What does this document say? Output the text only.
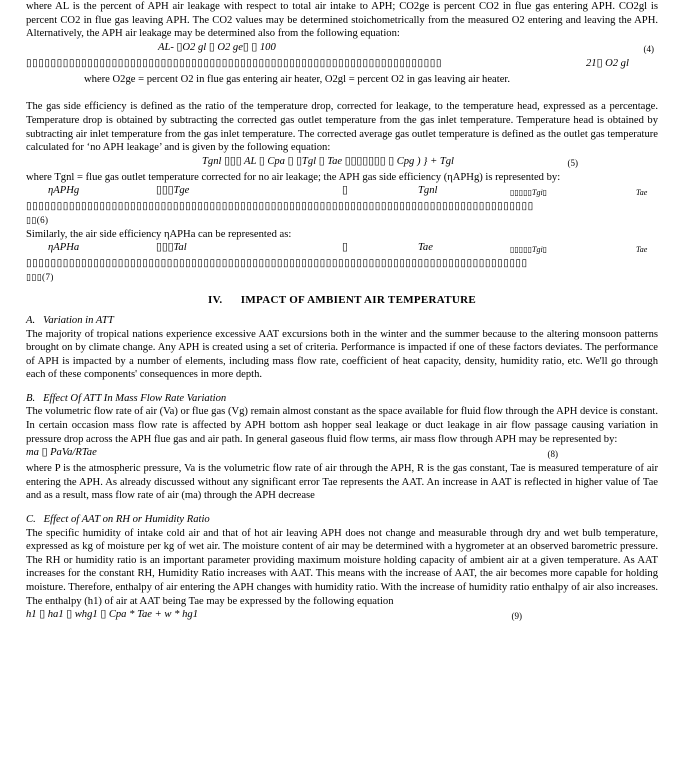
where AL is the percent of APH air leakage with respect to total air intake to APH; CO2ge is percent CO2 in flue gas entering APH. CO2gl is percent CO2 in flue gas leaving APH. The CO2 values may be determined stoichometrically from the measured O2 entering and leaving the APH. Alternatively, the APH air leakage may be determined also from the following equation:

AL- ▯O2 gl ▯ O2 ge▯ ▯ 100	(4)
▯▯▯▯▯▯▯▯▯▯▯▯▯▯▯▯▯▯▯▯▯▯▯▯▯▯▯▯▯▯▯▯▯▯▯▯▯▯▯▯▯▯▯▯▯▯▯▯▯▯▯▯▯▯▯▯▯▯▯▯▯▯▯▯▯▯▯▯	21▯ O2 gl

where O2ge = percent O2 in flue gas entering air heater, O2gl = percent O2 in gas leaving air heater.

The gas side efficiency is defined as the ratio of the temperature drop, corrected for leakage, to the temperature head, expressed as a percentage. Temperature drop is obtained by subtracting the corrected gas outlet temperature from the gas inlet temperature. Temperature head is obtained by subtracting air inlet temperature from the gas inlet temperature. The corrected average gas outlet temperature is defined as the outlet gas temperature calculated for ‘no APH leakage’ and is given by the following equation:

Tgnl ▯▯▯ AL ▯ Cpa ▯ ▯Tgl ▯ Tae ▯▯▯▯▯▯▯ ▯ Cpg ) } + Tgl	(5)

where Tgnl = flue gas outlet temperature corrected for no air leakage; the APH gas side efficiency (ηAPHg) is represented by:

ηAPHg	▯▯▯Tge	▯	Tgnl	▯▯▯▯▯Tgi▯	Tae
▯▯▯▯▯▯▯▯▯▯▯▯▯▯▯▯▯▯▯▯▯▯▯▯▯▯▯▯▯▯▯▯▯▯▯▯▯▯▯▯▯▯▯▯▯▯▯▯▯▯▯▯▯▯▯▯▯▯▯▯▯▯▯▯▯▯▯▯▯▯▯▯▯▯▯▯▯▯▯▯▯▯▯
▯▯(6)

Similarly, the air side efficiency ηAPHa can be represented as:

ηAPHa	▯▯▯Tal	▯	Tae	▯▯▯▯▯Tgi▯	Tae
▯▯▯▯▯▯▯▯▯▯▯▯▯▯▯▯▯▯▯▯▯▯▯▯▯▯▯▯▯▯▯▯▯▯▯▯▯▯▯▯▯▯▯▯▯▯▯▯▯▯▯▯▯▯▯▯▯▯▯▯▯▯▯▯▯▯▯▯▯▯▯▯▯▯▯▯▯▯▯▯▯▯
▯▯▯(7)
IV.      IMPACT OF AMBIENT AIR TEMPERATURE

A.   Variation in ATT

The majority of tropical nations experience excessive AAT excursions both in the winter and the summer because to the altering monsoon patterns brought on by climate change. Any APH is created using a set of criteria. Performance is impacted if one of these factors deviates. The performance of APH is impacted by a number of elements, including mass flow rate, coefficient of heat capacity, density, humidity ratio, etc. We'll go through each of these components' consequences in more depth.

B.   Effect Of ATT In Mass Flow Rate Variation

The volumetric flow rate of air (Va) or flue gas (Vg) remain almost constant as the space available for fluid flow through the APH device is constant. In certain occasion mass flow rate is affected by APH bottom ash hopper seal leakage or duct leakage in air flow passage causing variation in pressure drop across the APH flue gas and air path. In general gaseous fluid flow terms, air mass flow through APH may be represented by:

ma ▯ PaVa/RTae	(8)

where P is the atmospheric pressure, Va is the volumetric flow rate of air through the APH, R is the gas constant, Tae is measured temperature of air entering the APH. As already discussed without any significant error Tae represents the AAT. An increase in AAT is reflected in higher value of Tae and as a result, mass flow rate of air (ma) through the APH decrease

C.   Effect of AAT on RH or Humidity Ratio

The specific humidity of intake cold air and that of hot air leaving APH does not change and measurable through dry and wet bulb temperature, expressed as kg of moisture per kg of wet air. The moisture content of air may be determined with a hygrometer at an observed barometric pressure. The RH or humidity ratio is an important parameter providing maximum moisture holding capacity of ambient air at a given temperature. As AAT increases for the constant RH, Humidity Ratio increases with AAT. This means with the increase of AAT, the air becomes more capable for holding moisture. Therefore, enthalpy of air entering the APH changes with humidity ratio. With the increase of humidity ratio enthalpy of air also increases. The enthalpy (h1) of air at AAT being Tae may be expressed by the following equation

h1 ▯ ha1 ▯ whg1 ▯ Cpa * Tae + w * hg1	(9)
